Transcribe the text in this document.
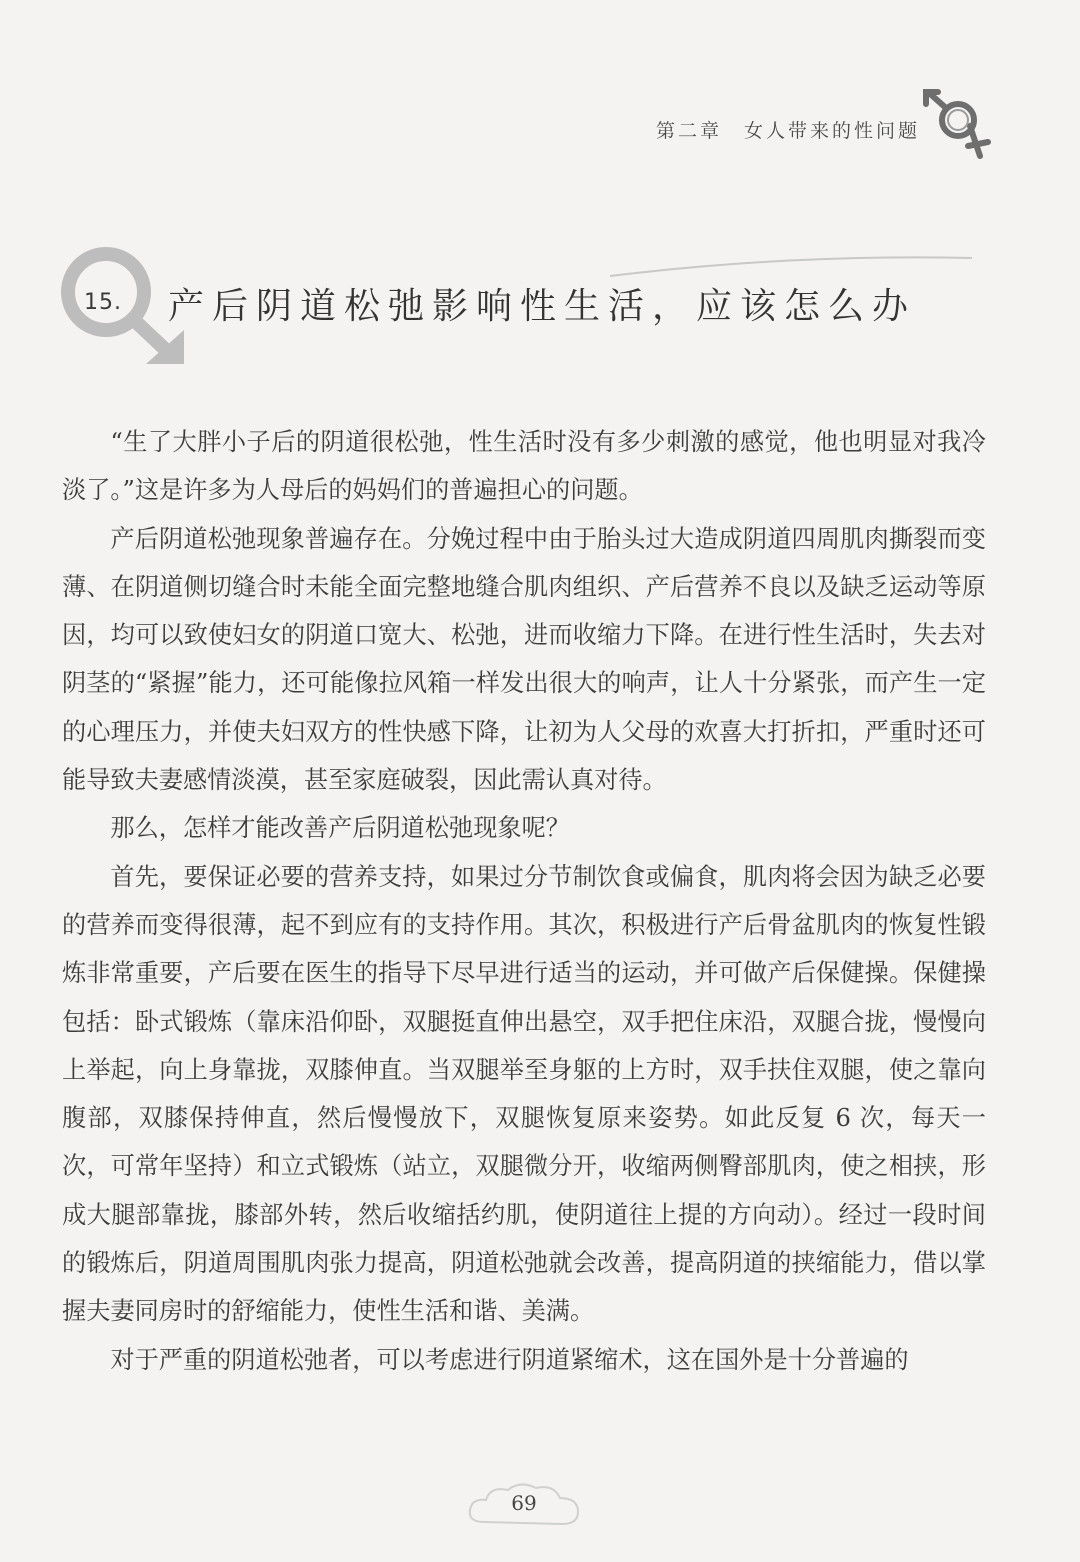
第二章　女人带来的性问题
15. 产后阴道松弛影响性生活，应该怎么办

“生了大胖小子后的阴道很松弛，性生活时没有多少刺激的感觉，他也明显对我冷淡了。”这是许多为人母后的妈妈们的普遍担心的问题。

产后阴道松弛现象普遍存在。分娩过程中由于胎头过大造成阴道四周肌肉撕裂而变薄、在阴道侧切缝合时未能全面完整地缝合肌肉组织、产后营养不良以及缺乏运动等原因，均可以致使妇女的阴道口宽大、松弛，进而收缩力下降。在进行性生活时，失去对阴茎的“紧握”能力，还可能像拉风箱一样发出很大的响声，让人十分紧张，而产生一定的心理压力，并使夫妇双方的性快感下降，让初为人父母的欢喜大打折扣，严重时还可能导致夫妻感情淡漠，甚至家庭破裂，因此需认真对待。

那么，怎样才能改善产后阴道松弛现象呢？

首先，要保证必要的营养支持，如果过分节制饮食或偏食，肌肉将会因为缺乏必要的营养而变得很薄，起不到应有的支持作用。其次，积极进行产后骨盆肌肉的恢复性锻炼非常重要，产后要在医生的指导下尽早进行适当的运动，并可做产后保健操。保健操包括：卧式锻炼（靠床沿仰卧，双腿挺直伸出悬空，双手把住床沿，双腿合拢，慢慢向上举起，向上身靠拢，双膝伸直。当双腿举至身躯的上方时，双手扶住双腿，使之靠向腹部，双膝保持伸直，然后慢慢放下，双腿恢复原来姿势。如此反复 6 次，每天一次，可常年坚持）和立式锻炼（站立，双腿微分开，收缩两侧臀部肌肉，使之相挟，形成大腿部靠拢，膝部外转，然后收缩括约肌，使阴道往上提的方向动）。经过一段时间的锻炼后，阴道周围肌肉张力提高，阴道松弛就会改善，提高阴道的挟缩能力，借以掌握夫妻同房时的舒缩能力，使性生活和谐、美满。

对于严重的阴道松弛者，可以考虑进行阴道紧缩术，这在国外是十分普遍的

69
